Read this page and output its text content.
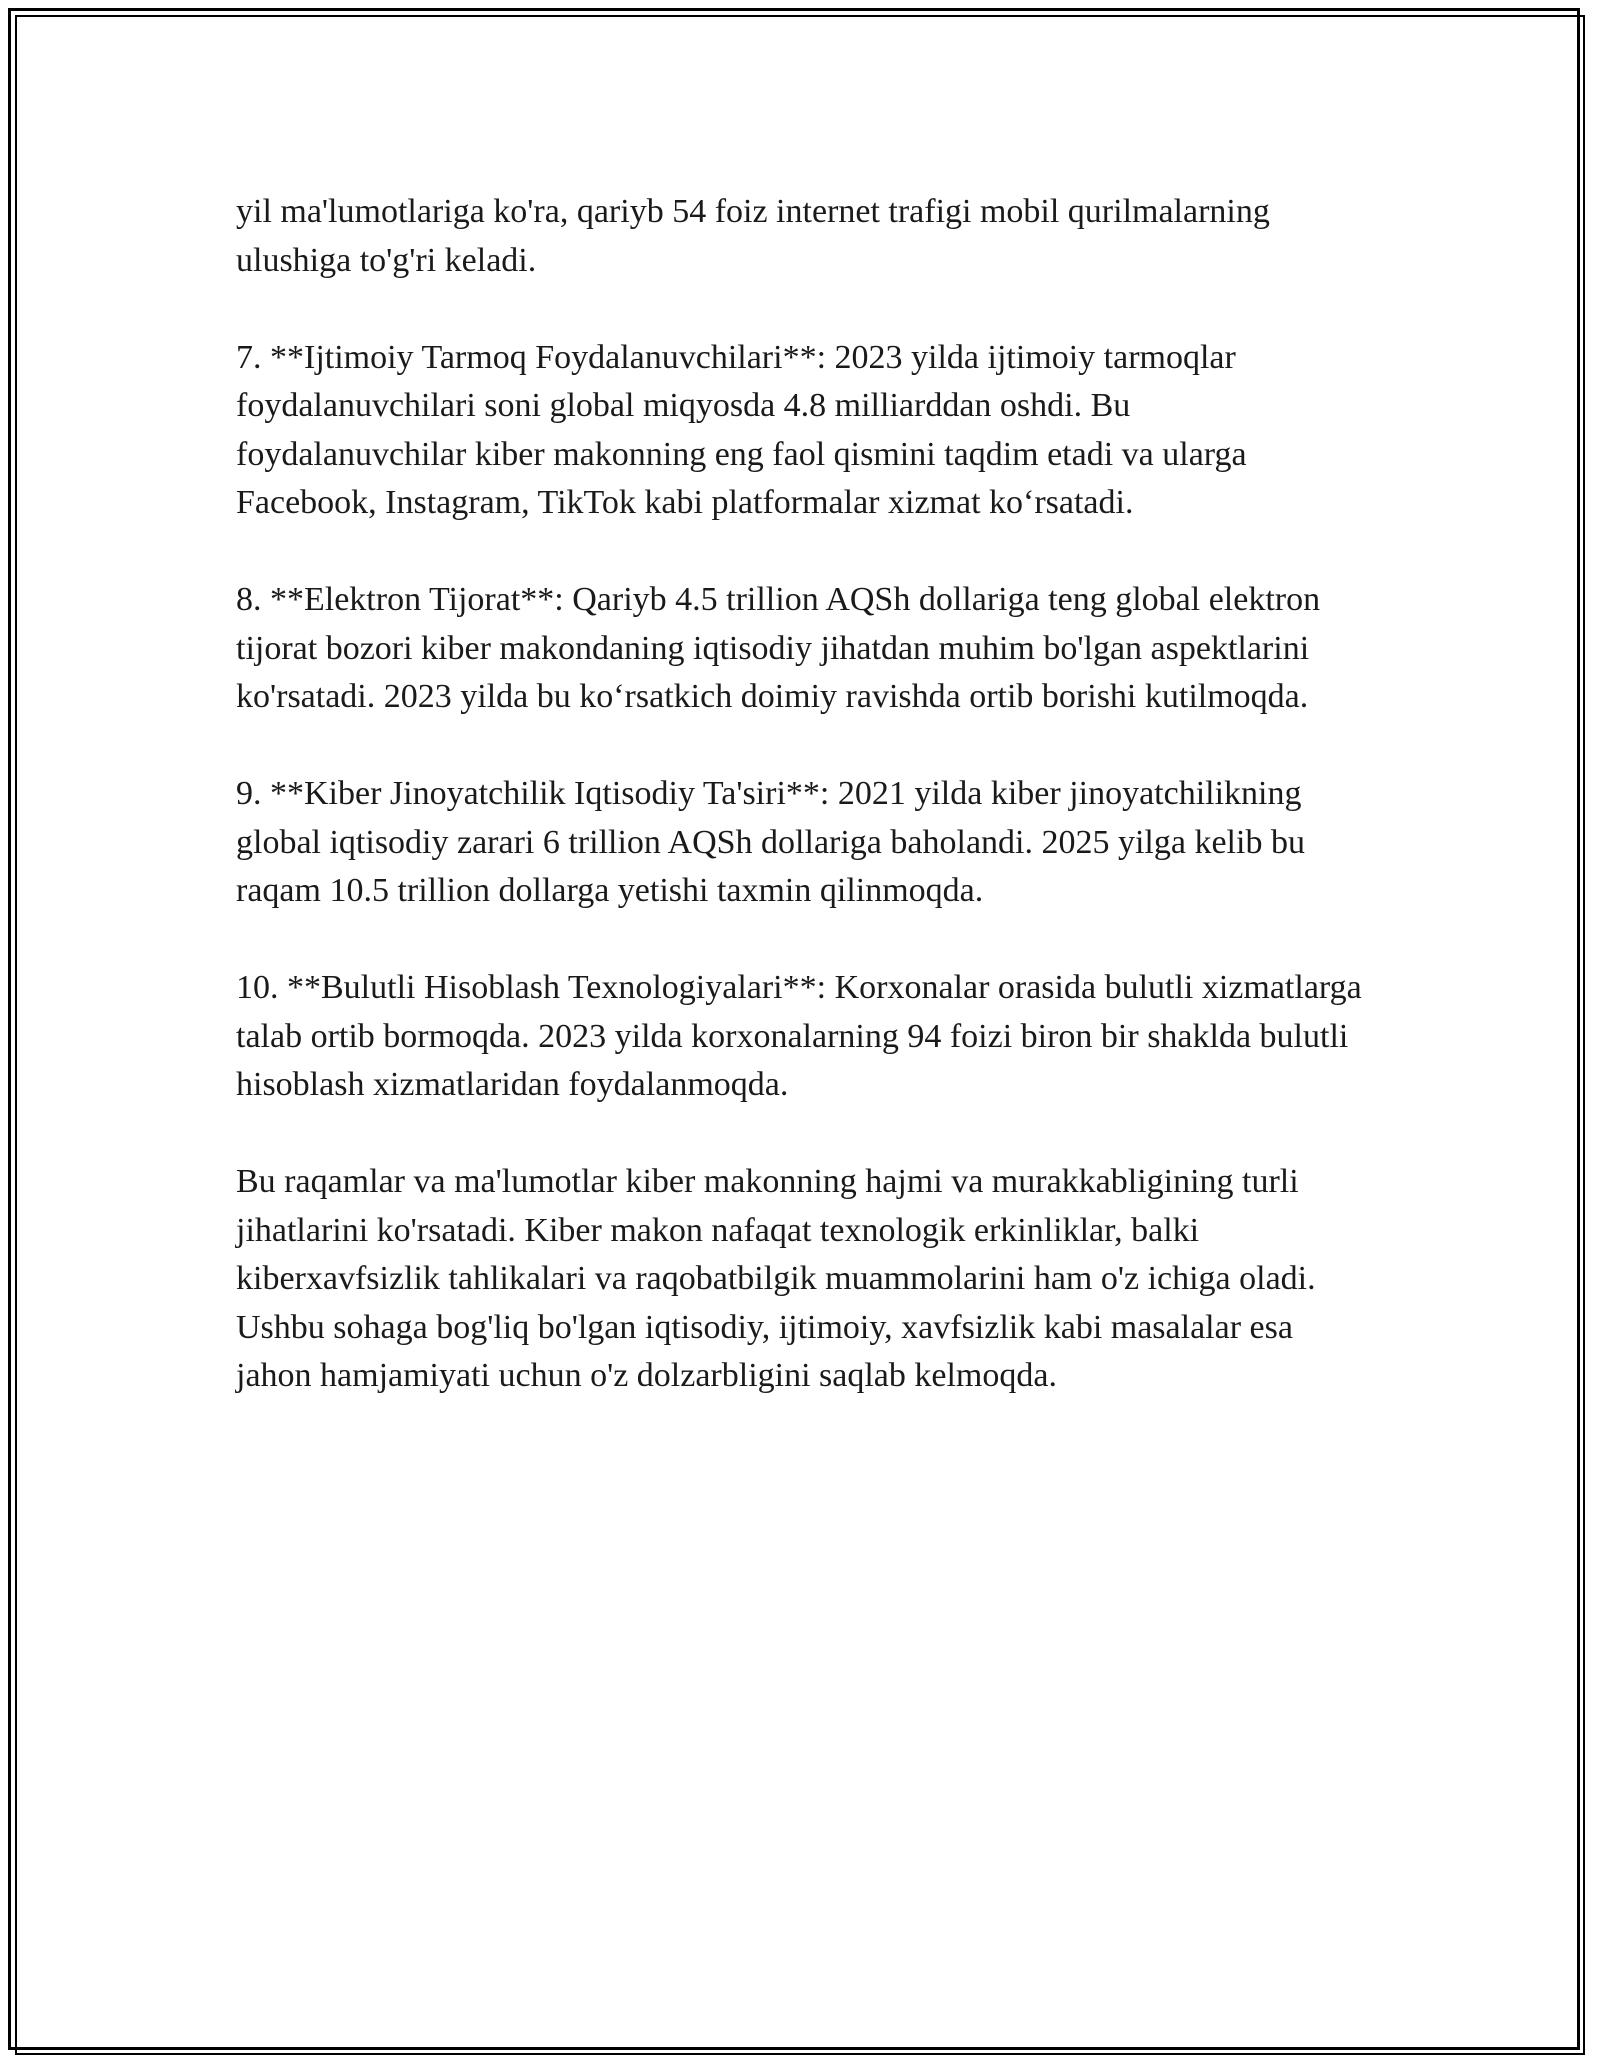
yil ma'lumotlariga ko'ra, qariyb 54 foiz internet trafigi mobil qurilmalarning ulushiga to'g'ri keladi.

7. **Ijtimoiy Tarmoq Foydalanuvchilari**: 2023 yilda ijtimoiy tarmoqlar foydalanuvchilari soni global miqyosda 4.8 milliarddan oshdi. Bu foydalanuvchilar kiber makonning eng faol qismini taqdim etadi va ularga Facebook, Instagram, TikTok kabi platformalar xizmat koʻrsatadi.

8. **Elektron Tijorat**: Qariyb 4.5 trillion AQSh dollariga teng global elektron tijorat bozori kiber makondaning iqtisodiy jihatdan muhim bo'lgan aspektlarini ko'rsatadi. 2023 yilda bu koʻrsatkich doimiy ravishda ortib borishi kutilmoqda.

9. **Kiber Jinoyatchilik Iqtisodiy Ta'siri**: 2021 yilda kiber jinoyatchilikning global iqtisodiy zarari 6 trillion AQSh dollariga baholandi. 2025 yilga kelib bu raqam 10.5 trillion dollarga yetishi taxmin qilinmoqda.

10. **Bulutli Hisoblash Texnologiyalari**: Korxonalar orasida bulutli xizmatlarga talab ortib bormoqda. 2023 yilda korxonalarning 94 foizi biron bir shaklda bulutli hisoblash xizmatlaridan foydalanmoqda.

Bu raqamlar va ma'lumotlar kiber makonning hajmi va murakkabligining turli jihatlarini ko'rsatadi. Kiber makon nafaqat texnologik erkinliklar, balki kiberxavfsizlik tahlikalari va raqobatbilgik muammolarini ham o'z ichiga oladi. Ushbu sohaga bog'liq bo'lgan iqtisodiy, ijtimoiy, xavfsizlik kabi masalalar esa jahon hamjamiyati uchun o'z dolzarbligini saqlab kelmoqda.
